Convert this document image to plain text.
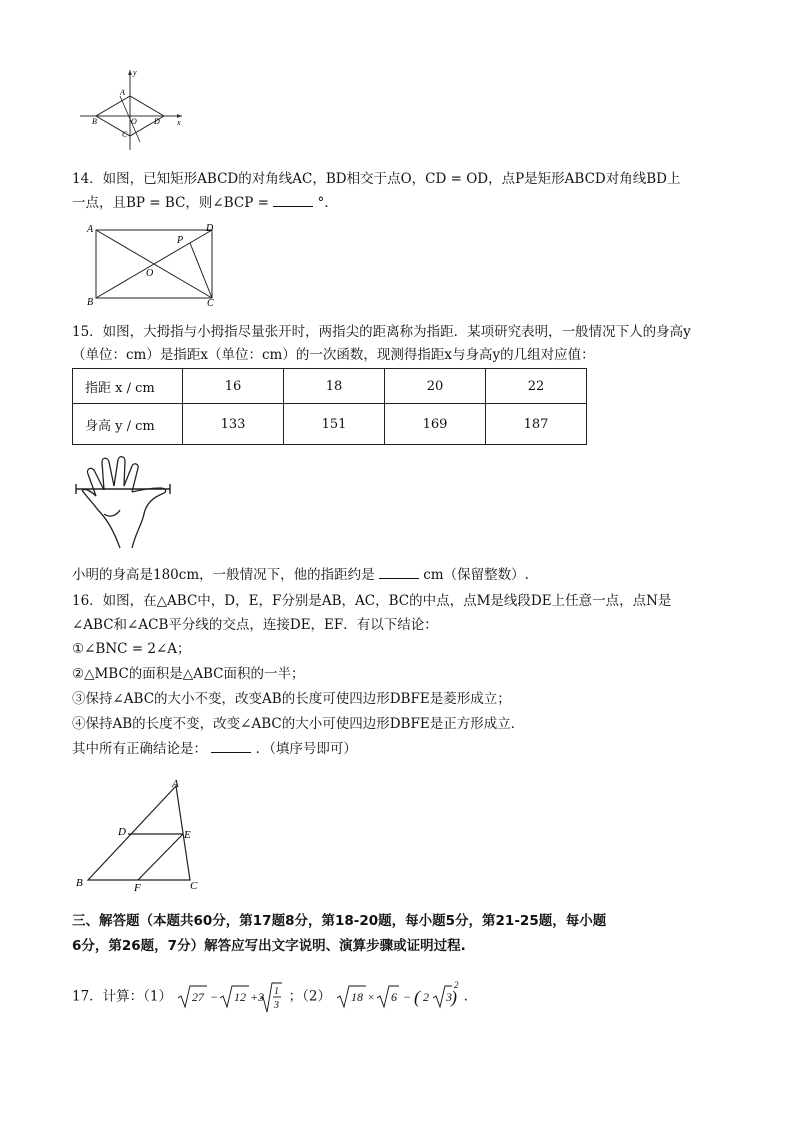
y
x
A
B	O D
C
14．如图，已知矩形ABCD的对角线AC，BD相交于点O，CD = OD，点P是矩形ABCD对角线BD上
一点，且BP = BC，则∠BCP =	°.
A	D
P
O
B	C
15．如图，大拇指与小拇指尽量张开时，两指尖的距离称为指距．某项研究表明，一般情况下人的身高y
（单位：cm）是指距x（单位：cm）的一次函数，现测得指距x与身高y的几组对应值：
指距 x / cm	16	18	20	22
身高 y / cm	133	151	169	187
小明的身高是180cm，一般情况下，他的指距约是	cm（保留整数）.
16．如图，在△ABC中，D，E，F分别是AB，AC，BC的中点，点M是线段DE上任意一点，点N是
∠ABC和∠ACB平分线的交点，连接DE，EF．有以下结论：
①∠BNC = 2∠A；
②△MBC的面积是△ABC面积的一半；
③保持∠ABC的大小不变，改变AB的长度可使四边形DBFE是菱形成立；
④保持AB的长度不变，改变∠ABC的大小可使四边形DBFE是正方形成立．
其中所有正确结论是：	．（填序号即可）
A
D	E
B	F	C
三、解答题（本题共60分，第17题8分，第18-20题，每小题5分，第21-25题，每小题
6分，第26题，7分）解答应写出文字说明、演算步骤或证明过程.
17．计算：（1） 27 − 12 +3 1
3
；（2） 18 × 6 − ( 2 3 )
2
.
